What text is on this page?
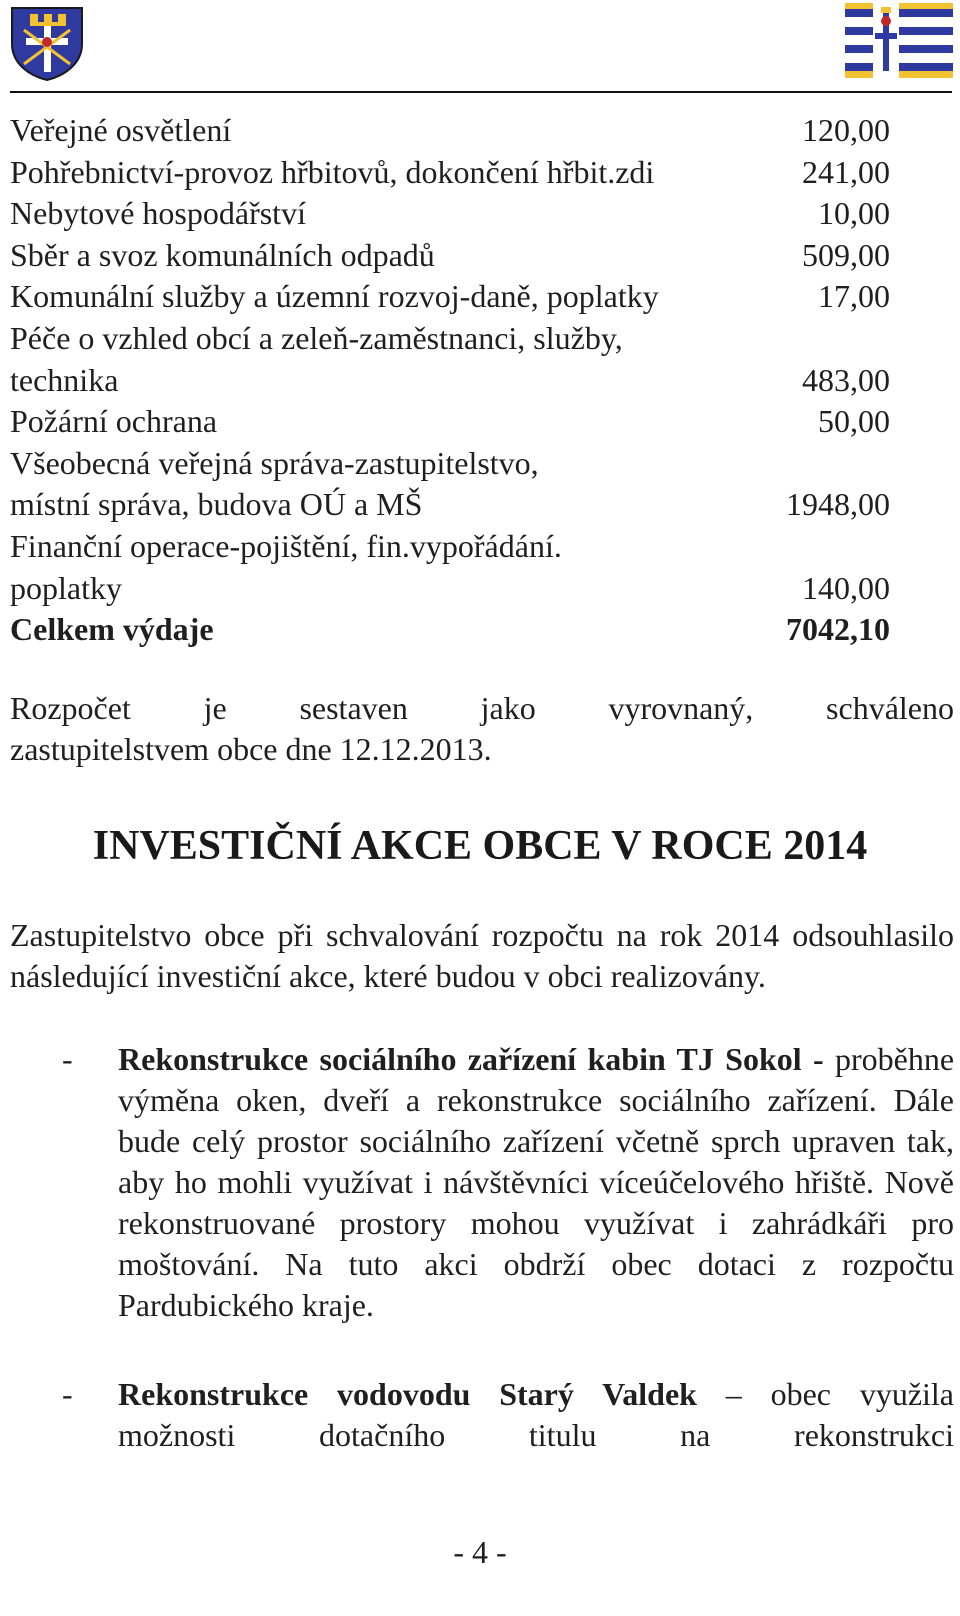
Veřejné osvětlení	120,00
Pohřebnictví-provoz hřbitovů, dokončení hřbit.zdi	241,00
Nebytové hospodářství	10,00
Sběr a svoz komunálních odpadů	509,00
Komunální služby a územní rozvoj-daně, poplatky	17,00
Péče o vzhled obcí a zeleň-zaměstnanci, služby,
technika	483,00
Požární ochrana	50,00
Všeobecná veřejná správa-zastupitelstvo,
místní správa, budova OÚ a MŠ	1948,00
Finanční operace-pojištění, fin.vypořádání.
poplatky	140,00
Celkem výdaje	7042,10
Rozpočet je sestaven jako vyrovnaný, schváleno
zastupitelstvem obce dne 12.12.2013.
INVESTIČNÍ AKCE OBCE V ROCE 2014
Zastupitelstvo obce při schvalování rozpočtu na rok 2014 odsouhlasilo následující investiční akce, které budou v obci realizovány.
- Rekonstrukce sociálního zařízení kabin TJ Sokol - proběhne výměna oken, dveří a rekonstrukce sociálního zařízení. Dále bude celý prostor sociálního zařízení včetně sprch upraven tak, aby ho mohli využívat i návštěvníci víceúčelového hřiště. Nově rekonstruované prostory mohou využívat i zahrádkáři pro moštování. Na tuto akci obdrží obec dotaci z rozpočtu Pardubického kraje.
- Rekonstrukce vodovodu Starý Valdek – obec využila možnosti dotačního titulu na rekonstrukci
- 4 -
